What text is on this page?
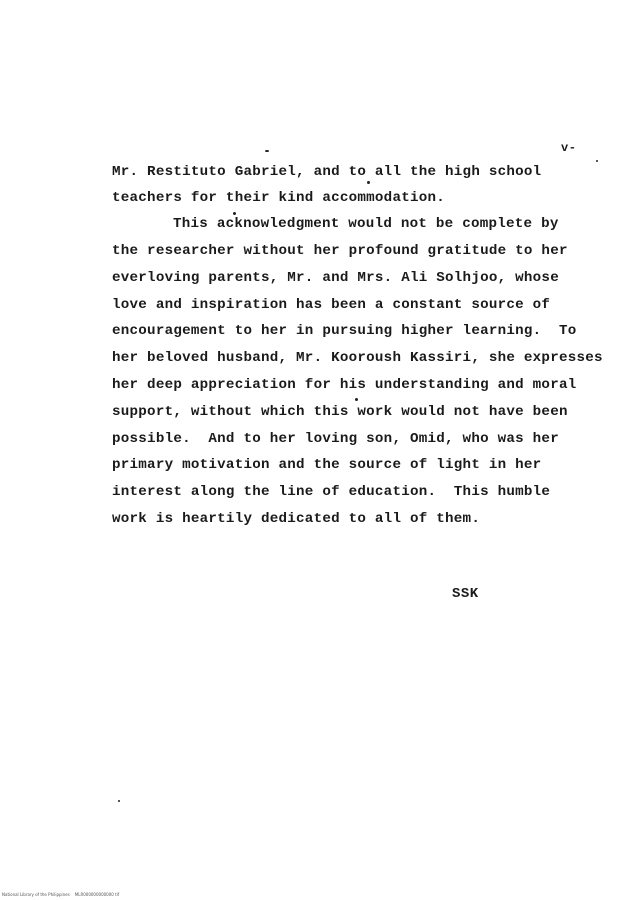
v-
Mr. Restituto Gabriel, and to all the high school
teachers for their kind accommodation.
This acknowledgment would not be complete by
the researcher without her profound gratitude to her
everloving parents, Mr. and Mrs. Ali Solhjoo, whose
love and inspiration has been a constant source of
encouragement to her in pursuing higher learning.  To
her beloved husband, Mr. Kooroush Kassiri, she expresses
her deep appreciation for his understanding and moral
support, without which this work would not have been
possible.  And to her loving son, Omid, who was her
primary motivation and the source of light in her
interest along the line of education.  This humble
work is heartily dedicated to all of them.
SSK
National Library of the Philippines    MLR000000000000 tif
